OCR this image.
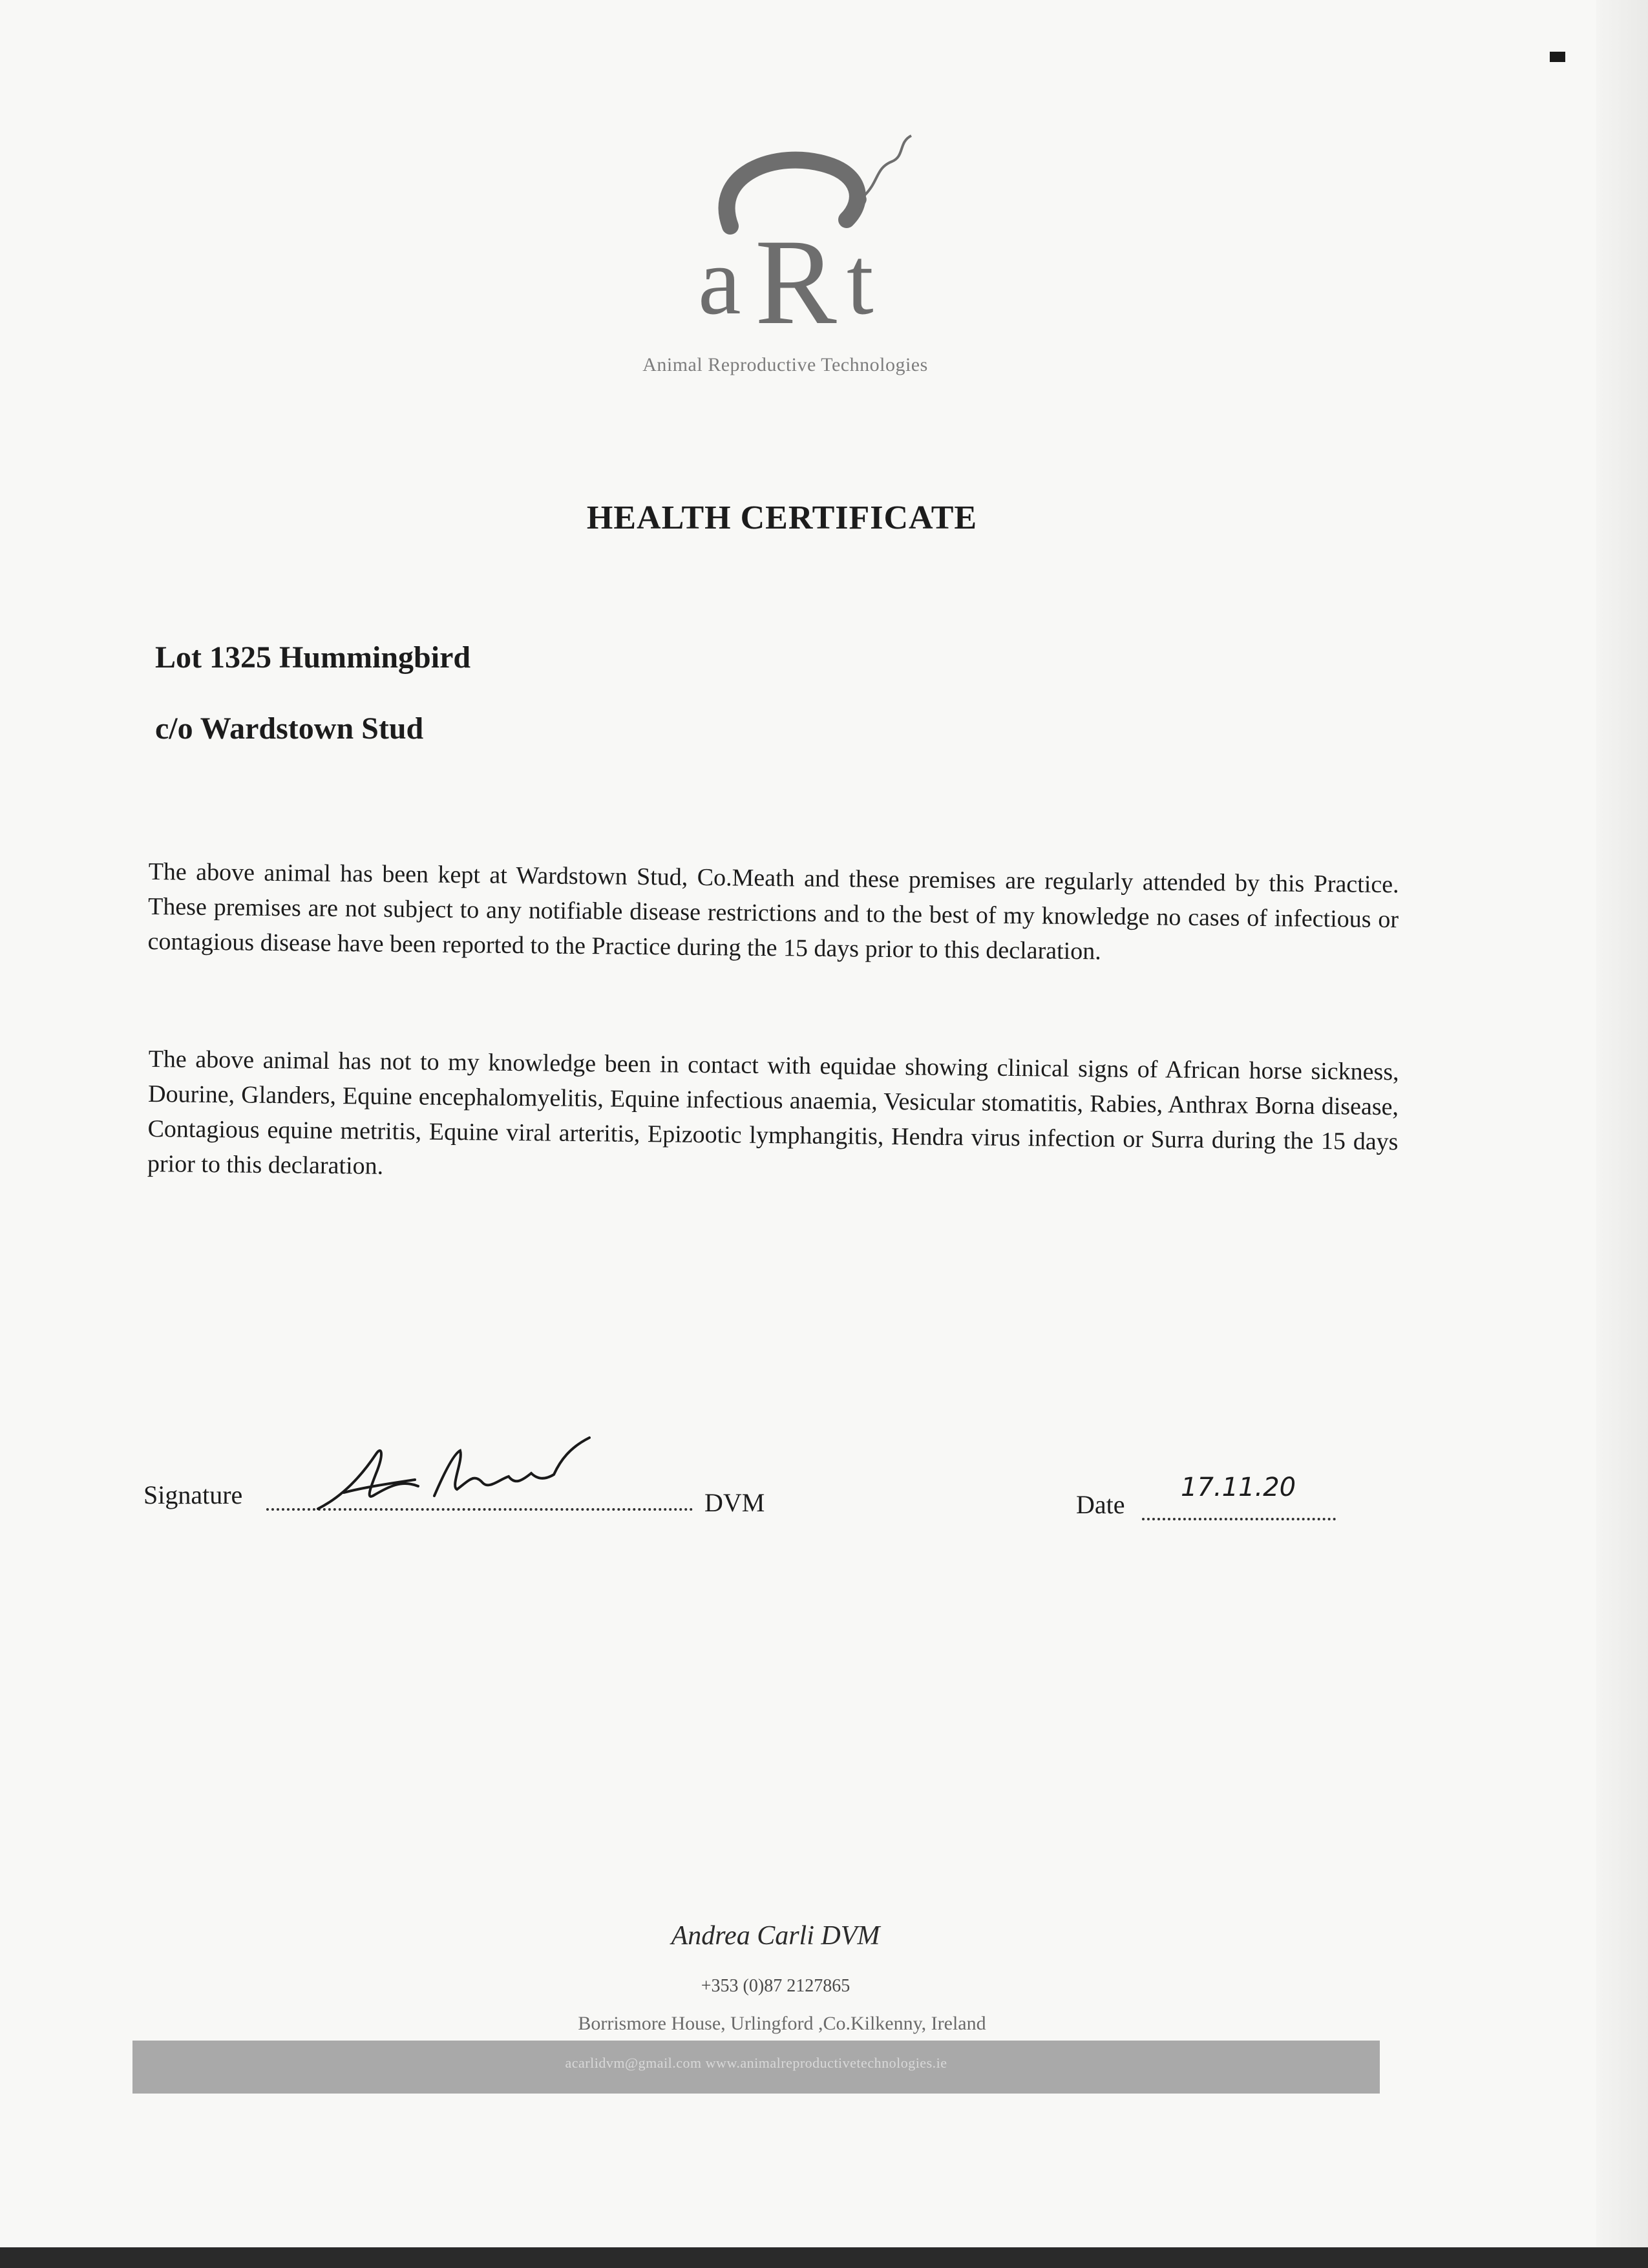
a R t
Animal Reproductive Technologies
HEALTH CERTIFICATE
Lot 1325 Hummingbird
c/o Wardstown Stud
The above animal has been kept at Wardstown Stud, Co.Meath and these premises are regularly attended by this Practice. These premises are not subject to any notifiable disease restrictions and to the best of my knowledge no cases of infectious or contagious disease have been reported to the Practice during the 15 days prior to this declaration.
The above animal has not to my knowledge been in contact with equidae showing clinical signs of African horse sickness, Dourine, Glanders, Equine encephalomyelitis, Equine infectious anaemia, Vesicular stomatitis, Rabies, Anthrax Borna disease, Contagious equine metritis, Equine viral arteritis, Epizootic lymphangitis, Hendra virus infection or Surra during the 15 days prior to this declaration.
Signature	DVM	Date
17.11.20
Andrea Carli DVM
+353 (0)87 2127865
Borrismore House, Urlingford ,Co.Kilkenny, Ireland
acarlidvm@gmail.com www.animalreproductivetechnologies.ie
